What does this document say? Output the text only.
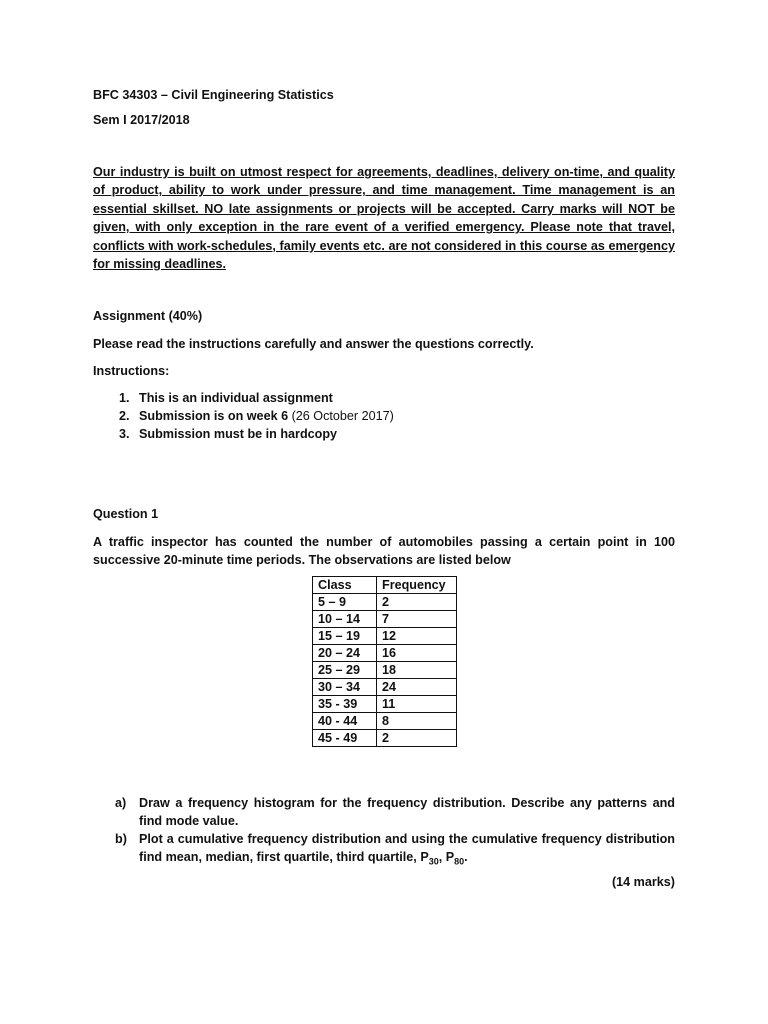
BFC 34303 – Civil Engineering Statistics

Sem I 2017/2018

Our industry is built on utmost respect for agreements, deadlines, delivery on-time, and quality of product, ability to work under pressure, and time management. Time management is an essential skillset. NO late assignments or projects will be accepted. Carry marks will NOT be given, with only exception in the rare event of a verified emergency. Please note that travel, conflicts with work-schedules, family events etc. are not considered in this course as emergency for missing deadlines.

Assignment (40%)

Please read the instructions carefully and answer the questions correctly.

Instructions:

1. This is an individual assignment
2. Submission is on week 6 (26 October 2017)
3. Submission must be in hardcopy

Question 1

A traffic inspector has counted the number of automobiles passing a certain point in 100 successive 20-minute time periods. The observations are listed below

Class	Frequency
5 – 9	2
10 – 14	7
15 – 19	12
20 – 24	16
25 – 29	18
30 – 34	24
35 - 39	11
40 - 44	8
45 - 49	2
a)	Draw a frequency histogram for the frequency distribution. Describe any patterns and find mode value.
b) Plot a cumulative frequency distribution and using the cumulative frequency distribution find mean, median, first quartile, third quartile, $P_{30}$, $P_{80}$.

(14 marks)
